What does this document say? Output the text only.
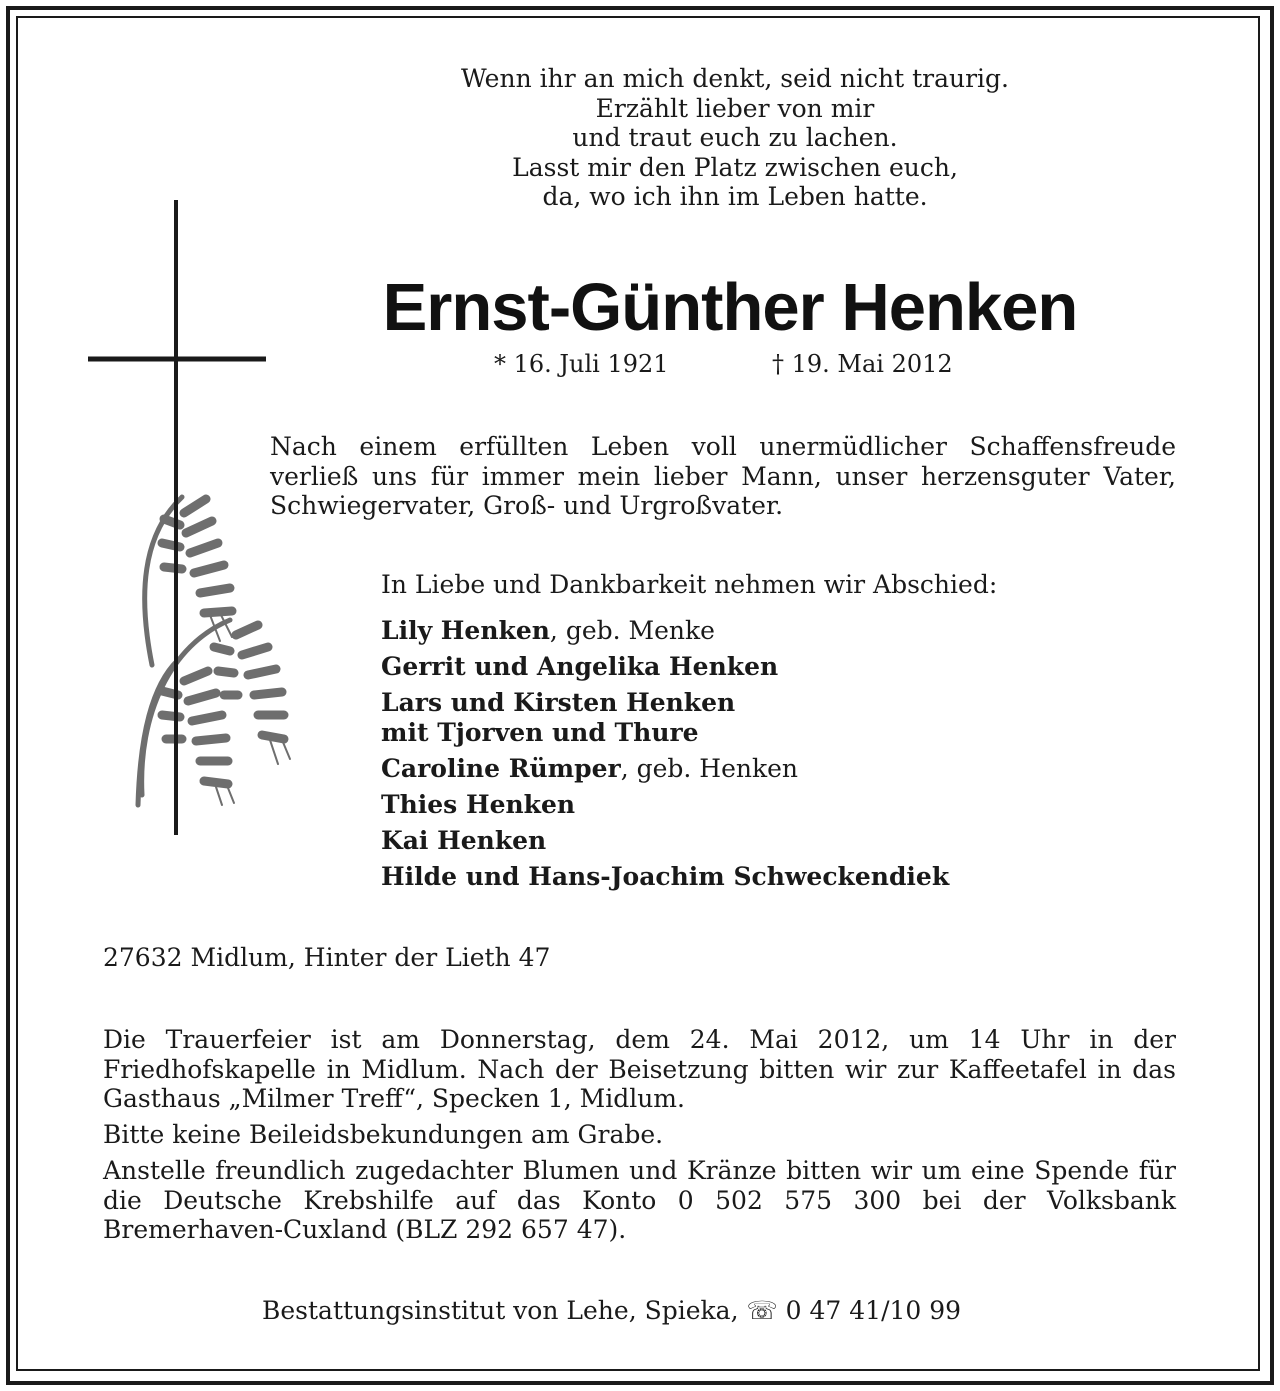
Wenn ihr an mich denkt, seid nicht traurig.
Erzählt lieber von mir
und traut euch zu lachen.
Lasst mir den Platz zwischen euch,
da, wo ich ihn im Leben hatte.
Ernst-Günther Henken
* 16. Juli 1921	† 19. Mai 2012
Nach einem erfüllten Leben voll unermüdlicher Schaffensfreude verließ uns für immer mein lieber Mann, unser herzensguter Vater, Schwiegervater, Groß- und Urgroßvater.
In Liebe und Dankbarkeit nehmen wir Abschied:
Lily Henken, geb. Menke
Gerrit und Angelika Henken
Lars und Kirsten Henken
mit Tjorven und Thure
Caroline Rümper, geb. Henken
Thies Henken
Kai Henken
Hilde und Hans-Joachim Schweckendiek
27632 Midlum, Hinter der Lieth 47
Die Trauerfeier ist am Donnerstag, dem 24. Mai 2012, um 14 Uhr in der Friedhofskapelle in Midlum. Nach der Beisetzung bitten wir zur Kaffeetafel in das Gasthaus „Milmer Treff“, Specken 1, Midlum.
Bitte keine Beileidsbekundungen am Grabe.
Anstelle freundlich zugedachter Blumen und Kränze bitten wir um eine Spende für die Deutsche Krebshilfe auf das Konto 0 502 575 300 bei der Volksbank Bremerhaven-Cuxland (BLZ 292 657 47).
Bestattungsinstitut von Lehe, Spieka, ☏ 0 47 41/10 99
